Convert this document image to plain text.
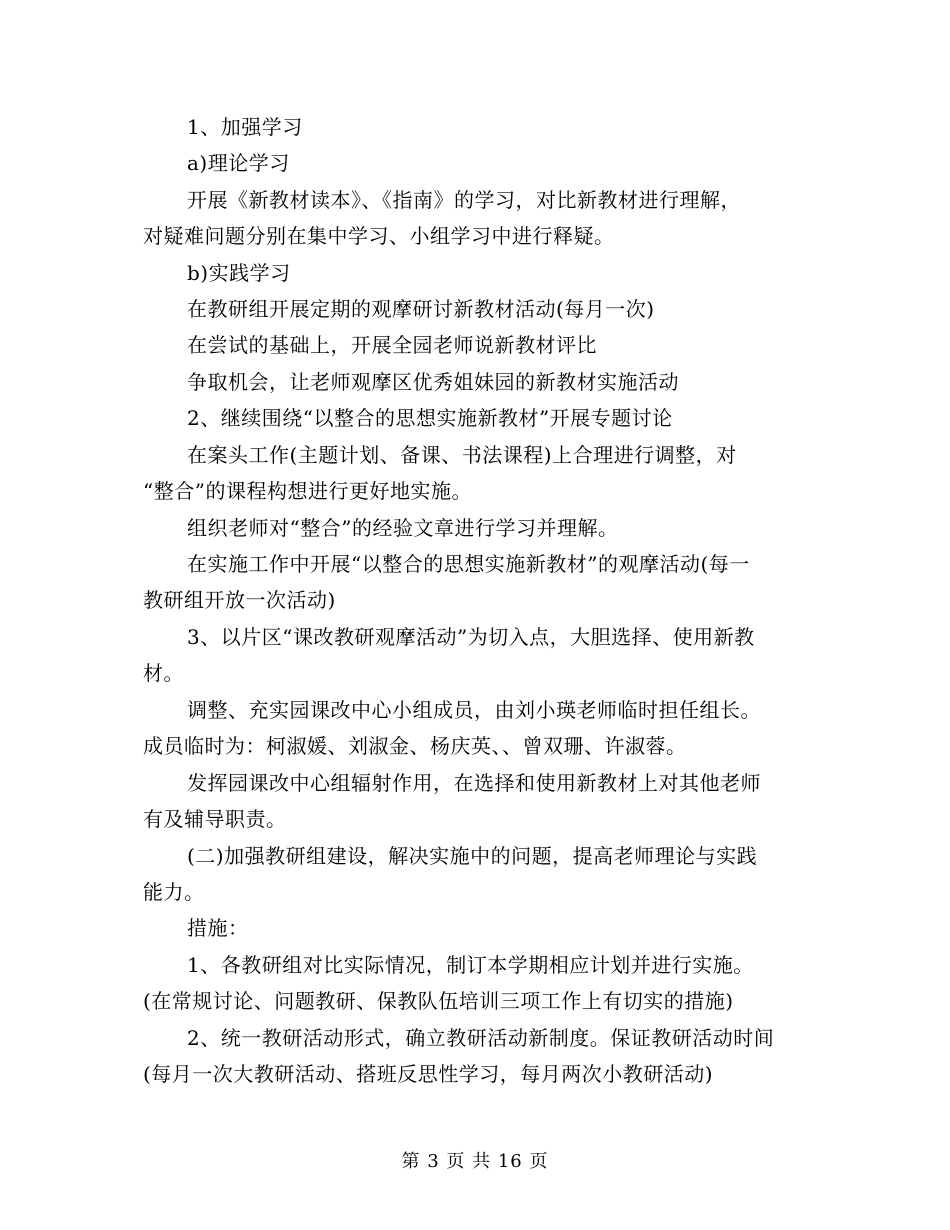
1、加强学习
a)理论学习
开展《新教材读本》、《指南》的学习，对比新教材进行理解，
对疑难问题分别在集中学习、小组学习中进行释疑。
b)实践学习
在教研组开展定期的观摩研讨新教材活动(每月一次)
在尝试的基础上，开展全园老师说新教材评比
争取机会，让老师观摩区优秀姐妹园的新教材实施活动
2、继续围绕“以整合的思想实施新教材”开展专题讨论
在案头工作(主题计划、备课、书法课程)上合理进行调整，对
“整合”的课程构想进行更好地实施。
组织老师对“整合”的经验文章进行学习并理解。
在实施工作中开展“以整合的思想实施新教材”的观摩活动(每一
教研组开放一次活动)
3、以片区“课改教研观摩活动”为切入点，大胆选择、使用新教
材。
调整、充实园课改中心小组成员，由刘小瑛老师临时担任组长。
成员临时为：柯淑媛、刘淑金、杨庆英、、曾双珊、许淑蓉。
发挥园课改中心组辐射作用，在选择和使用新教材上对其他老师
有及辅导职责。
(二)加强教研组建设，解决实施中的问题，提高老师理论与实践
能力。
措施：
1、各教研组对比实际情况，制订本学期相应计划并进行实施。
(在常规讨论、问题教研、保教队伍培训三项工作上有切实的措施)
2、统一教研活动形式，确立教研活动新制度。保证教研活动时间
(每月一次大教研活动、搭班反思性学习，每月两次小教研活动)
第 3 页 共 16 页
